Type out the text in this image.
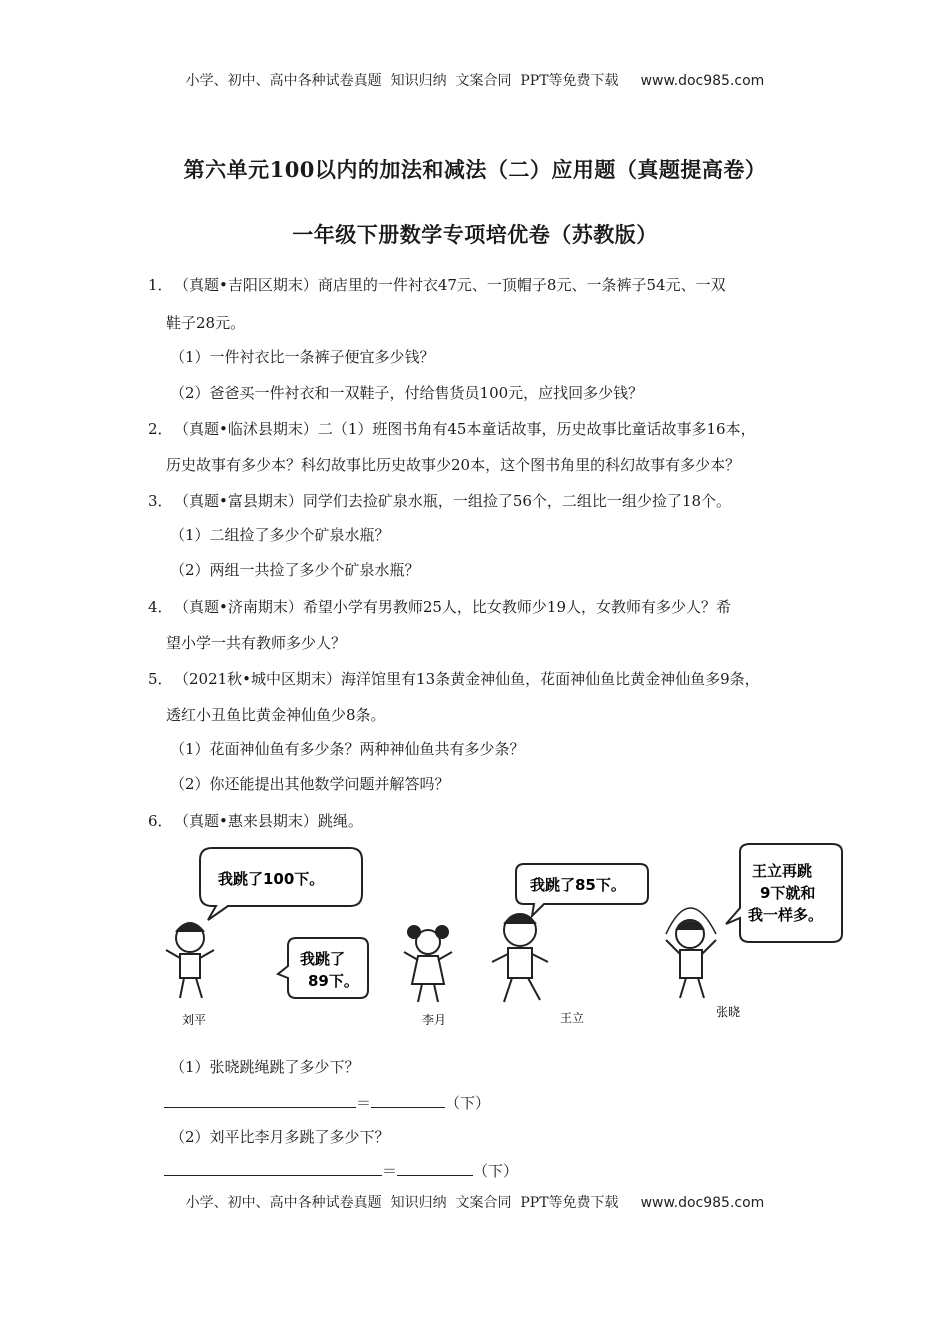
小学、初中、高中各种试卷真题  知识归纳  文案合同  PPT等免费下载 www.doc985.com
第六单元100以内的加法和减法（二）应用题（真题提高卷）
一年级下册数学专项培优卷（苏教版）
1．（真题•吉阳区期末）商店里的一件衬衣47元、一顶帽子8元、一条裤子54元、一双
鞋子28元。
（1）一件衬衣比一条裤子便宜多少钱？
（2）爸爸买一件衬衣和一双鞋子，付给售货员100元，应找回多少钱？
2．（真题•临沭县期末）二（1）班图书角有45本童话故事，历史故事比童话故事多16本，
历史故事有多少本？科幻故事比历史故事少20本，这个图书角里的科幻故事有多少本？
3．（真题•富县期末）同学们去捡矿泉水瓶，一组捡了56个，二组比一组少捡了18个。
（1）二组捡了多少个矿泉水瓶？
（2）两组一共捡了多少个矿泉水瓶？
4．（真题•济南期末）希望小学有男教师25人，比女教师少19人，女教师有多少人？希
望小学一共有教师多少人？
5．（2021秋•城中区期末）海洋馆里有13条黄金神仙鱼，花面神仙鱼比黄金神仙鱼多9条，
透红小丑鱼比黄金神仙鱼少8条。
（1）花面神仙鱼有多少条？两种神仙鱼共有多少条？
（2）你还能提出其他数学问题并解答吗？
6．（真题•惠来县期末）跳绳。
我跳了100下。
我跳了
89下。
我跳了85下。
王立再跳
9下就和
我一样多。
刘平	李月	王立	张晓
（1）张晓跳绳跳了多少下？
＝	（下）
（2）刘平比李月多跳了多少下？
＝	（下）
小学、初中、高中各种试卷真题  知识归纳  文案合同  PPT等免费下载 www.doc985.com
